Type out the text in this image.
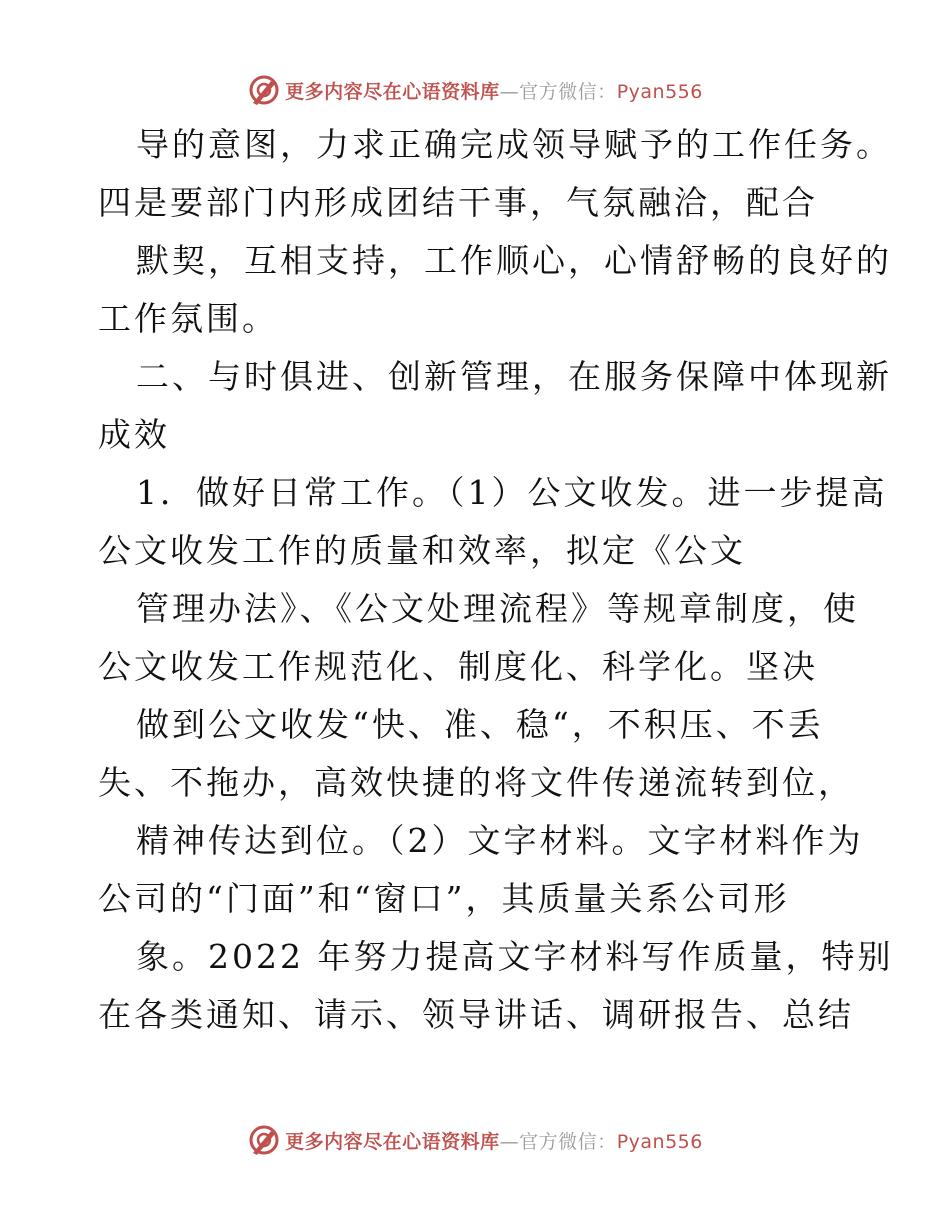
更多内容尽在心语资料库—官方微信：Pyan556
导的意图，力求正确完成领导赋予的工作任务。
四是要部门内形成团结干事，气氛融洽，配合
默契，互相支持，工作顺心，心情舒畅的良好的
工作氛围。
二、与时俱进、创新管理，在服务保障中体现新
成效
1．做好日常工作。（1）公文收发。进一步提高
公文收发工作的质量和效率，拟定《公文
管理办法》、《公文处理流程》等规章制度，使
公文收发工作规范化、制度化、科学化。坚决
做到公文收发“快、准、稳“，不积压、不丢
失、不拖办，高效快捷的将文件传递流转到位，
精神传达到位。（2）文字材料。文字材料作为
公司的“门面”和“窗口”，其质量关系公司形
象。2022 年努力提高文字材料写作质量，特别
在各类通知、请示、领导讲话、调研报告、总结
更多内容尽在心语资料库—官方微信：Pyan556
